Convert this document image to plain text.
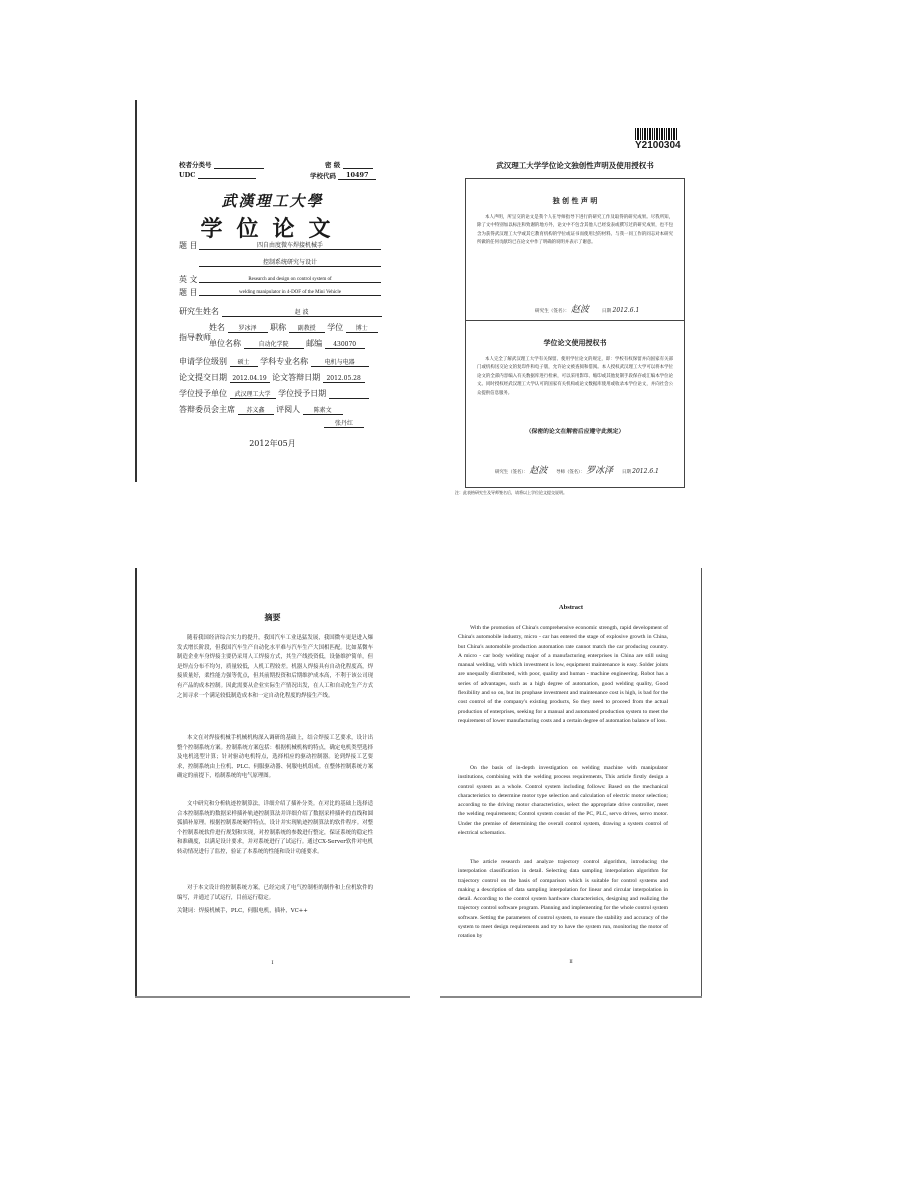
校者分类号	密 级
UDC	学校代码 10497
武漢理工大學
学位论文
题 目	四自由度微车焊接机械手
控制系统研究与设计
英 文	Research and design on control system of
题 目	welding manipulator in 4-DOF of the Mini Vehicle
研究生姓名	赵 波
指导教师
姓名 罗冰泽 职称 副教授 学位 博士
单位名称	自动化学院 邮编 430070
申请学位级别 硕士 学科专业名称	电机与电器
论文提交日期 2012.04.19 论文答辩日期 2012.05.28
学位授予单位 武汉理工大学 学位授予日期
答辩委员会主席 苏义鑫 评阅人 陈素文
张丹红
2012年05月
Y2100304
武汉理工大学学位论文独创性声明及使用授权书
独 创 性 声 明
本人声明，所呈交的论文是我个人在导师指导下进行的研究工作及取得的研究成果。尽我所知，除了文中特别加以标注和致谢的地方外，论文中不包含其他人已经发表或撰写过的研究成果，也不包含为获得武汉理工大学或其它教育机构的学位或证书而使用过的材料。与我一同工作的同志对本研究所做的任何贡献均已在论文中作了明确的说明并表示了谢意。
研究生（签名）： 赵波	日期 2012.6.1
学位论文使用授权书
本人完全了解武汉理工大学有关保留、使用学位论文的规定，即：学校有权保留并向国家有关部门或机构送交论文的复印件和电子版，允许论文被查阅和借阅。本人授权武汉理工大学可以将本学位论文的全部内容编入有关数据库进行检索，可以采用影印、缩印或其他复制手段保存或汇编本学位论文。同时授权经武汉理工大学认可的国家有关机构或论文数据库使用或收录本学位论文，并向社会公众提供信息服务。
（保密的论文在解密后应遵守此规定）
研究生（签名）： 赵波 导师（签名）： 罗冰泽 日期 2012.6.1
注：此表格研究生及导师签名后，请将以上学位论文提交说明。
摘要
随着我国经济综合实力的提升，我国汽车工业迅猛发展，我国微车更是进入爆发式增长阶段，但我国汽车生产自动化水平难与汽车生产大国相匹配。比如某微车制造企业车身焊接主要仍采用人工焊接方式，其生产线投资低，设备维护简单，但是焊点分布不均匀，质量较低，人机工程较差。机器人焊接具有自动化程度高，焊接质量好，柔性能力强等优点，但其前期投资和后期维护成本高，不利于该公司现有产品的成本控制。因此需要从企业实际生产情况出发，在人工和自动化生产方式之间寻求一个满足较低制造成本和一定自动化程度的焊接生产线。
本文在对焊接机械手机械机构深入调研的基础上，结合焊接工艺要求，设计出整个控制系统方案。控制系统方案包括：根据机械机构的特点，确定电机类型选择及电机选型计算；针对驱动电机特点，选择相应的驱动控制器。论到焊接工艺要求，控制系统由上位机、PLC、伺服驱动器、伺服电机组成。在整体控制系统方案确定的前提下，绘制系统的电气原理图。
文中研究和分析轨迹控制算法，详细介绍了插补分类。在对比的基础上选择适合本控制系统的数据采样插补轨迹控制算法并详细介绍了数据采样插补的直线和圆弧插补原理。根据控制系统硬件特点，设计并实现轨迹控制算法的软件程序。对整个控制系统软件进行规划和实现，对控制系统的参数进行整定，保证系统的稳定性和准确度，以满足设计要求，并对系统进行了试运行。通过CX-Server软件对电机转动情况进行了监控，验证了本系统的性能和设计功能要求。
对于本文设计的控制系统方案，已经完成了电气控制柜的制作和上位机软件的编写，并通过了试运行，目前运行稳定。
关键词：焊接机械手，PLC，伺服电机，插补，VC++
I
Abstract
With the promotion of China's comprehensive economic strength, rapid development of China's automobile industry, micro - car has entered the stage of explosive growth in China, but China's automobile production automation rate cannot match the car producing country. A micro - car body welding major of a manufacturing enterprises in China are still using manual welding, with which investment is low, equipment maintenance is easy. Solder joints are unequally distributed, with poor, quality and human - machine engineering. Robot has a series of advantages, such as a high degree of automation, good welding quality, Good flexibility and so on, but its prophase investment and maintenance cost is high, is bad for the cost control of the company's existing products, So they need to proceed from the actual production of enterprises, seeking for a manual and automated production system to meet the requirement of lower manufacturing costs and a certain degree of automation balance of loss.
On the basis of in-depth investigation on welding machine with manipulator institutions, combining with the welding process requirements, This article firstly design a control system as a whole. Control system including follows: Based on the mechanical characteristics to determine motor type selection and calculation of electric motor selection; according to the driving motor characteristics, select the appropriate drive controller, meet the welding requirements; Control system consist of the PC, PLC, servo drives, servo motor. Under the premise of determining the overall control system, drawing a system control of electrical schematics.
The article research and analyze trajectory control algorithm, introducing the interpolation classification in detail. Selecting data sampling interpolation algorithm for trajectory control on the basis of comparison which is suitable for control systems and making a description of data sampling interpolation for linear and circular interpolation in detail. According to the control system hardware characteristics, designing and realizing the trajectory control software program. Planning and implementing for the whole control system software. Setting the parameters of control system, to ensure the stability and accuracy of the system to meet design requirements and try to have the system run, monitoring the motor of rotation by
II
